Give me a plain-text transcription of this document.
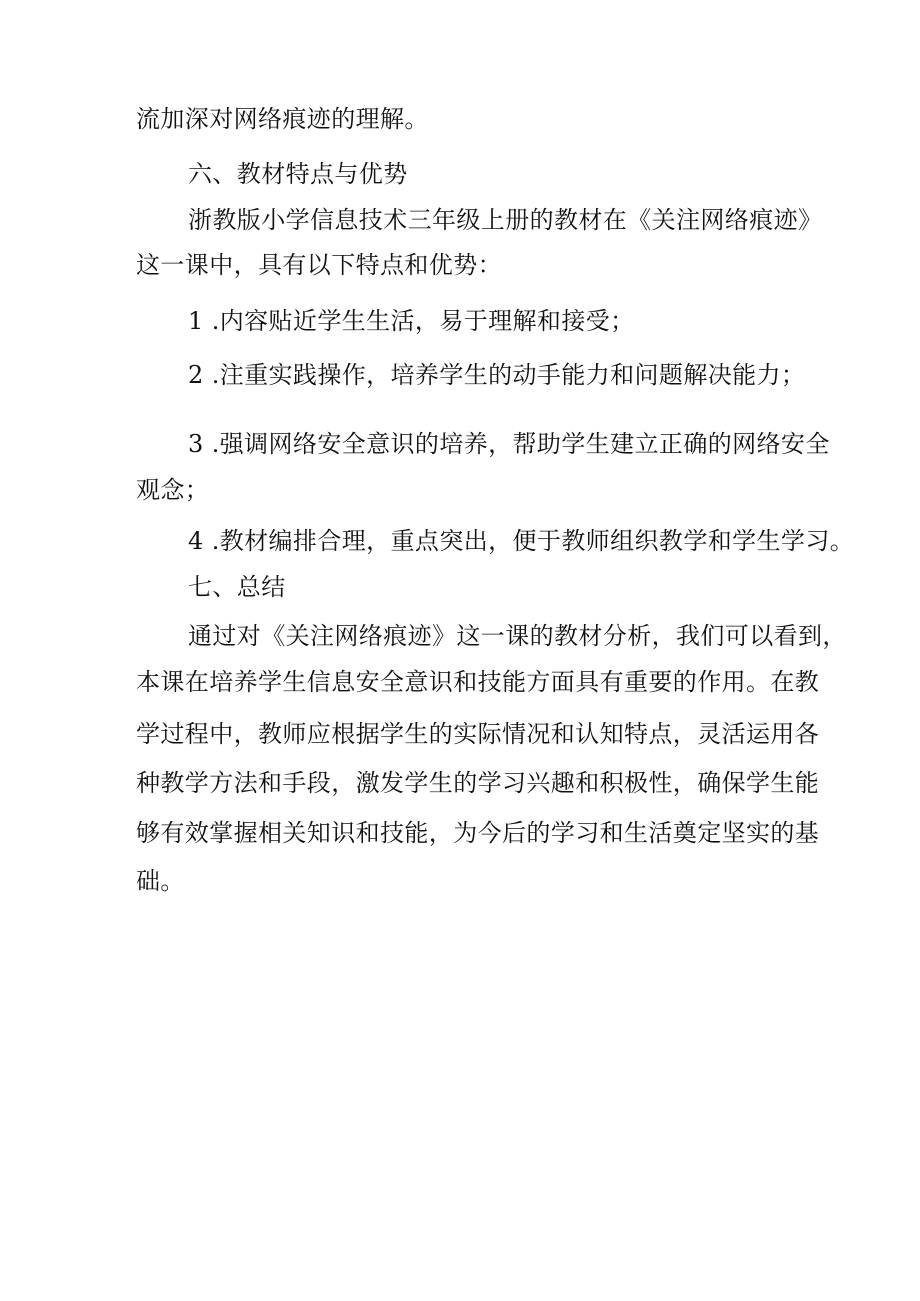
流加深对网络痕迹的理解。
六、教材特点与优势
浙教版小学信息技术三年级上册的教材在《关注网络痕迹》
这一课中，具有以下特点和优势：
1 .内容贴近学生生活，易于理解和接受；
2 .注重实践操作，培养学生的动手能力和问题解决能力；
3 .强调网络安全意识的培养，帮助学生建立正确的网络安全
观念；
4 .教材编排合理，重点突出，便于教师组织教学和学生学习。
七、总结
通过对《关注网络痕迹》这一课的教材分析，我们可以看到，
本课在培养学生信息安全意识和技能方面具有重要的作用。在教
学过程中，教师应根据学生的实际情况和认知特点，灵活运用各
种教学方法和手段，激发学生的学习兴趣和积极性，确保学生能
够有效掌握相关知识和技能，为今后的学习和生活奠定坚实的基
础。
